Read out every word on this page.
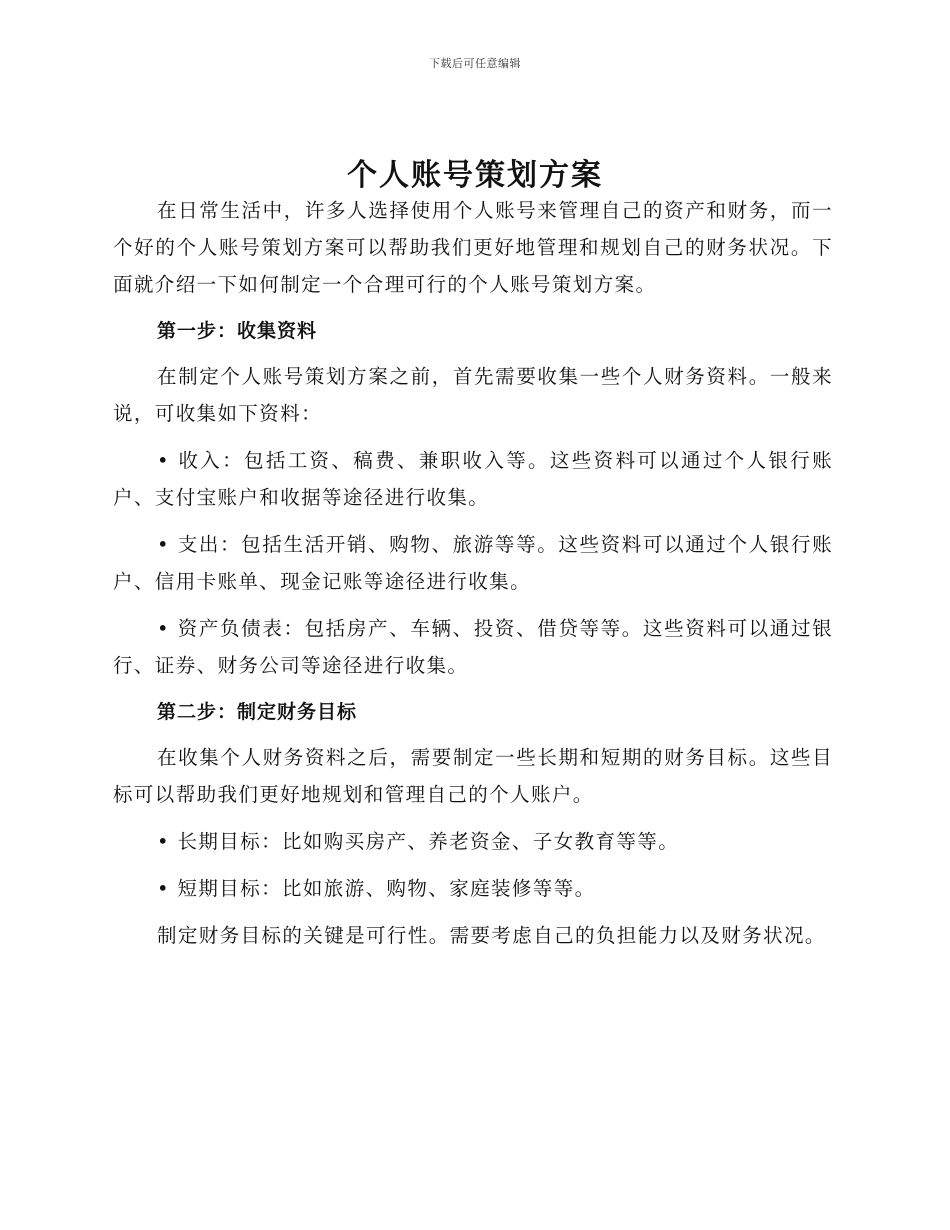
下载后可任意编辑
个人账号策划方案

在日常生活中，许多人选择使用个人账号来管理自己的资产和财务，而一个好的个人账号策划方案可以帮助我们更好地管理和规划自己的财务状况。下面就介绍一下如何制定一个合理可行的个人账号策划方案。

第一步：收集资料

在制定个人账号策划方案之前，首先需要收集一些个人财务资料。一般来说，可收集如下资料：

• 收入：包括工资、稿费、兼职收入等。这些资料可以通过个人银行账户、支付宝账户和收据等途径进行收集。

• 支出：包括生活开销、购物、旅游等等。这些资料可以通过个人银行账户、信用卡账单、现金记账等途径进行收集。

• 资产负债表：包括房产、车辆、投资、借贷等等。这些资料可以通过银行、证券、财务公司等途径进行收集。

第二步：制定财务目标

在收集个人财务资料之后，需要制定一些长期和短期的财务目标。这些目标可以帮助我们更好地规划和管理自己的个人账户。

• 长期目标：比如购买房产、养老资金、子女教育等等。

• 短期目标：比如旅游、购物、家庭装修等等。

制定财务目标的关键是可行性。需要考虑自己的负担能力以及财务状况。
